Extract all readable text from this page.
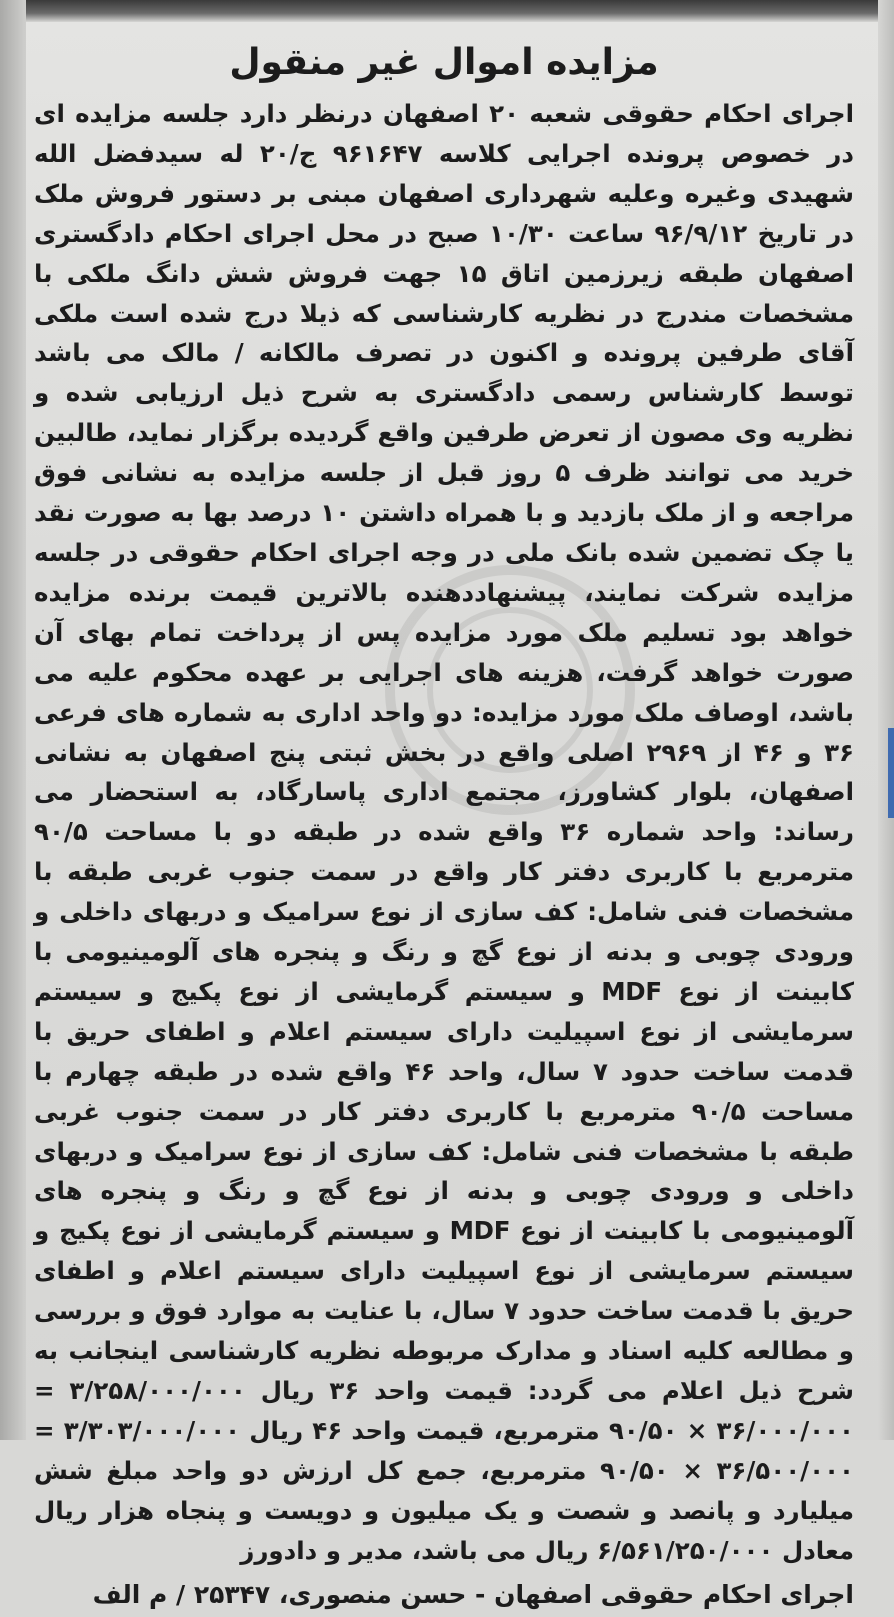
مزایده اموال غیر منقول

اجرای احکام حقوقی شعبه ۲۰ اصفهان درنظر دارد جلسه مزایده ای در خصوص پرونده اجرایی کلاسه ۹۶۱۶۴۷ ج/۲۰ له سیدفضل الله شهیدی وغیره وعلیه شهرداری اصفهان مبنی بر دستور فروش ملک در تاریخ ۹۶/۹/۱۲ ساعت ۱۰/۳۰ صبح در محل اجرای احکام دادگستری اصفهان طبقه زیرزمین اتاق ۱۵ جهت فروش شش دانگ ملکی با مشخصات مندرج در نظریه کارشناسی که ذیلا درج شده است ملکی آقای طرفین پرونده و اکنون در تصرف مالکانه / مالک می باشد توسط کارشناس رسمی دادگستری به شرح ذیل ارزیابی شده و نظریه وی مصون از تعرض طرفین واقع گردیده برگزار نماید، طالبین خرید می توانند ظرف ۵ روز قبل از جلسه مزایده به نشانی فوق مراجعه و از ملک بازدید و با همراه داشتن ۱۰ درصد بها به صورت نقد یا چک تضمین شده بانک ملی در وجه اجرای احکام حقوقی در جلسه مزایده شرکت نمایند، پیشنهاددهنده بالاترین قیمت برنده مزایده خواهد بود تسلیم ملک مورد مزایده پس از پرداخت تمام بهای آن صورت خواهد گرفت، هزینه های اجرایی بر عهده محکوم علیه می باشد، اوصاف ملک مورد مزایده: دو واحد اداری به شماره های فرعی ۳۶ و ۴۶ از ۲۹۶۹ اصلی واقع در بخش ثبتی پنج اصفهان به نشانی اصفهان، بلوار کشاورز، مجتمع اداری پاسارگاد، به استحضار می رساند: واحد شماره ۳۶ واقع شده در طبقه دو با مساحت ۹۰/۵ مترمربع با کاربری دفتر کار واقع در سمت جنوب غربی طبقه با مشخصات فنی شامل: کف سازی از نوع سرامیک و دربهای داخلی و ورودی چوبی و بدنه از نوع گچ و رنگ و پنجره های آلومینیومی با کابینت از نوع MDF و سیستم گرمایشی از نوع پکیج و سیستم سرمایشی از نوع اسپیلیت دارای سیستم اعلام و اطفای حریق با قدمت ساخت حدود ۷ سال، واحد ۴۶ واقع شده در طبقه چهارم با مساحت ۹۰/۵ مترمربع با کاربری دفتر کار در سمت جنوب غربی طبقه با مشخصات فنی شامل: کف سازی از نوع سرامیک و دربهای داخلی و ورودی چوبی و بدنه از نوع گچ و رنگ و پنجره های آلومینیومی با کابینت از نوع MDF و سیستم گرمایشی از نوع پکیج و سیستم سرمایشی از نوع اسپیلیت دارای سیستم اعلام و اطفای حریق با قدمت ساخت حدود ۷ سال، با عنایت به موارد فوق و بررسی و مطالعه کلیه اسناد و مدارک مربوطه نظریه کارشناسی اینجانب به شرح ذیل اعلام می گردد: قیمت واحد ۳۶ ریال ۳/۲۵۸/۰۰۰/۰۰۰ = ۳۶/۰۰۰/۰۰۰ × ۹۰/۵۰ مترمربع، قیمت واحد ۴۶ ریال ۳/۳۰۳/۰۰۰/۰۰۰ = ۳۶/۵۰۰/۰۰۰ × ۹۰/۵۰ مترمربع، جمع کل ارزش دو واحد مبلغ شش میلیارد و پانصد و شصت و یک میلیون و دویست و پنجاه هزار ریال معادل ۶/۵۶۱/۲۵۰/۰۰۰ ریال می باشد، مدیر و دادورز

اجرای احکام حقوقی اصفهان - حسن منصوری، ۲۵۳۴۷ / م الف
